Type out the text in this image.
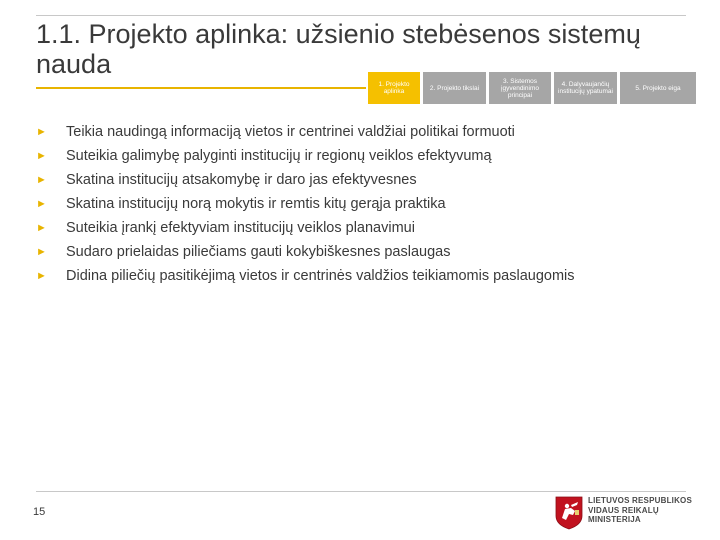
1.1. Projekto aplinka: užsienio stebėsenos sistemų nauda
1. Projekto aplinka	2. Projekto tikslai
3. Sistemos įgyvendinimo principai
4. Dalyvaujančių institucijų ypatumai	5. Projekto eiga
►	Teikia naudingą informaciją vietos ir centrinei valdžiai politikai formuoti
►	Suteikia galimybę palyginti institucijų ir regionų veiklos efektyvumą
►	Skatina institucijų atsakomybę ir daro jas efektyvesnes
►	Skatina institucijų norą mokytis ir remtis kitų gerąja praktika
►	Suteikia įrankį efektyviam institucijų veiklos planavimui
►	Sudaro prielaidas piliečiams gauti kokybiškesnes paslaugas
►	Didina piliečių pasitikėjimą vietos ir centrinės valdžios teikiamomis paslaugomis
15
LIETUVOS RESPUBLIKOS
VIDAUS REIKALŲ
MINISTERIJA
